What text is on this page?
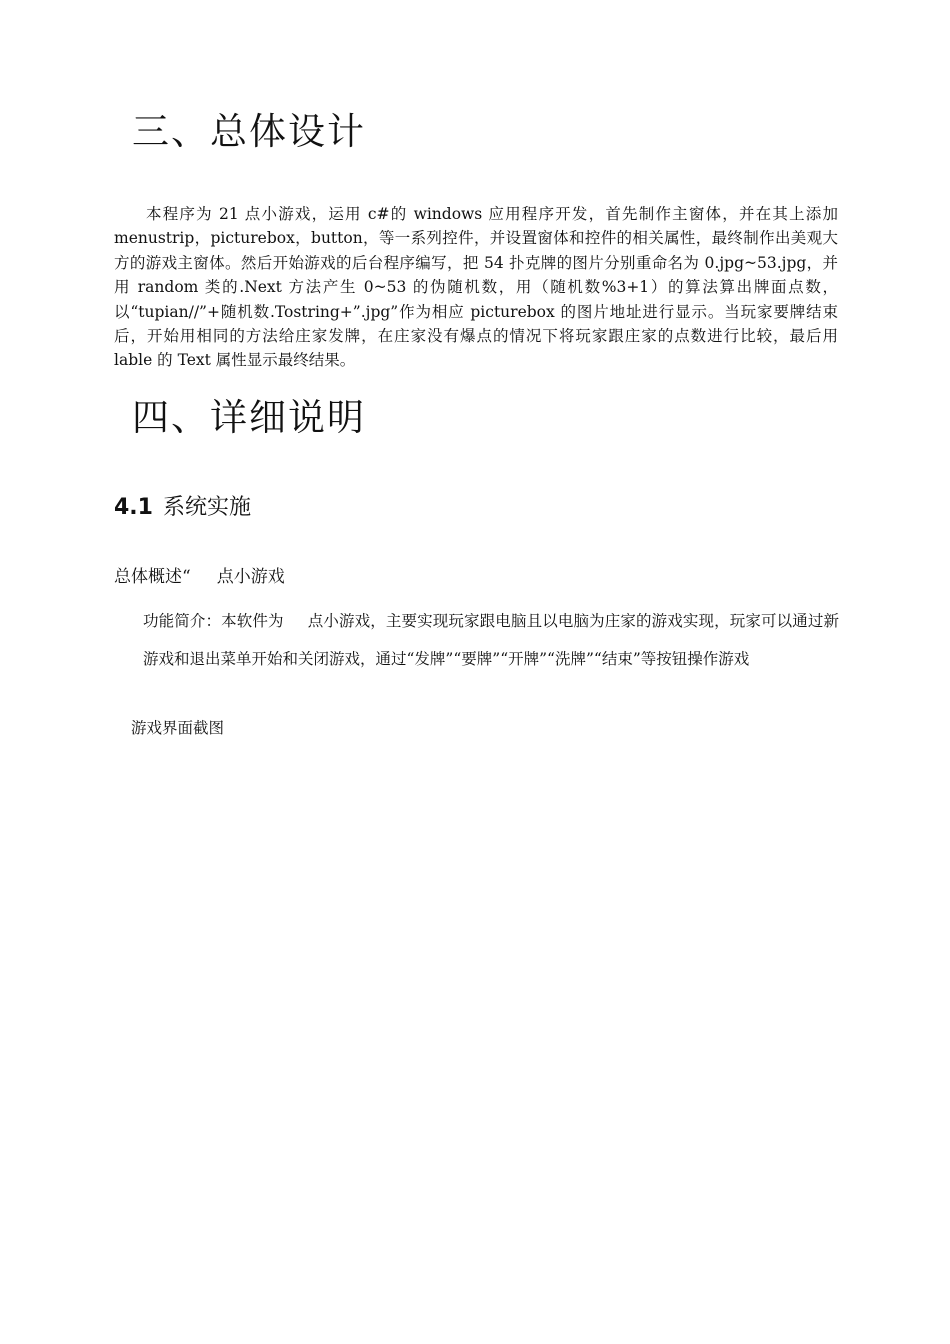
三、总体设计

本程序为 21 点小游戏，运用 c#的 windows 应用程序开发，首先制作主窗体，并在其上添加 menustrip，picturebox，button，等一系列控件，并设置窗体和控件的相关属性，最终制作出美观大方的游戏主窗体。然后开始游戏的后台程序编写，把 54 扑克牌的图片分别重命名为 0.jpg~53.jpg，并用 random 类的.Next 方法产生 0~53 的伪随机数，用（随机数%3+1）的算法算出牌面点数，以“tupian//”+随机数.Tostring+”.jpg”作为相应 picturebox 的图片地址进行显示。当玩家要牌结束后，开始用相同的方法给庄家发牌，在庄家没有爆点的情况下将玩家跟庄家的点数进行比较，最后用 lable 的 Text 属性显示最终结果。

四、详细说明
4.1 系统实施

总体概述“ 点小游戏

功能简介：本软件为 点小游戏，主要实现玩家跟电脑且以电脑为庄家的游戏实现，玩家可以通过新游戏和退出菜单开始和关闭游戏，通过“发牌”“要牌”“开牌”“洗牌”“结束”等按钮操作游戏

游戏界面截图
